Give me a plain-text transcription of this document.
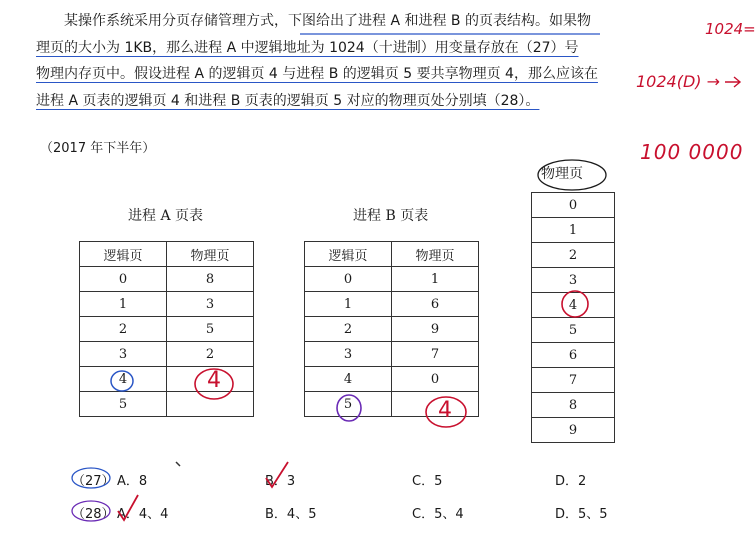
某操作系统采用分页存储管理方式，下图给出了进程 A 和进程 B 的页表结构。如果物
理页的大小为 1KB，那么进程 A 中逻辑地址为 1024（十进制）用变量存放在（27）号
物理内存页中。假设进程 A 的逻辑页 4 与进程 B 的逻辑页 5 要共享物理页 4，那么应该在
进程 A 页表的逻辑页 4 和进程 B 页表的逻辑页 5 对应的物理页处分别填（28）。
（2017 年下半年）
进程 A 页表
逻辑页	物理页
0	8
1	3
2	5
3	2
4	
5	
进程 B 页表
逻辑页	物理页
0	1
1	6
2	9
3	7
4	0
5	
物理页
0
1
2
3
4
5
6
7
8
9
（27） A．8	B．3	C．5	D．2
（28） A．4、4	B．4、5	C．5、4	D．5、5
1024=
1024(D) →
100 0000
4
4
